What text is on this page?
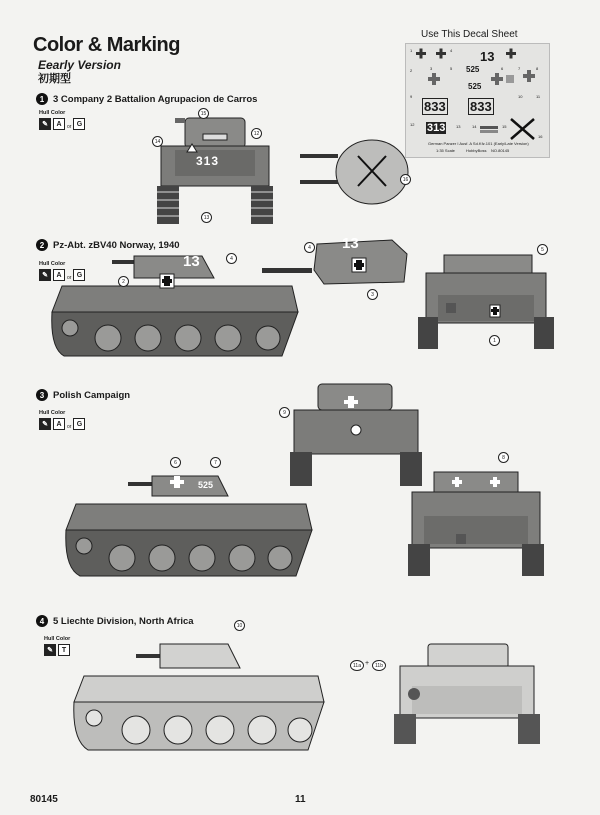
Color & Marking
Eearly Version
初期型
Use This Decal Sheet
13
525
525
833 833
313
German Panzer I Ausf. A Sd.Kfz.101 (Early/Late Version)
1:35 Scale	HobbyBoss NO.80145
1
2	3
4
5	6	7	8
9	10	11
12	13	14	15
16
1 3 Company 2 Battalion Agrupacion de Carros
Hull Color
✎	A	or G
313
15
14
12
13
16
2 Pz-Abt. zBV40 Norway, 1940
Hull Color
✎	A	or G
13	4
2
13
4
3
5
1
3 Polish Campaign
Hull Color
✎	A	or G
9
525
6	7
8
4 5 Liechte Division, North Africa
Hull Color
✎	T
10
11a +	11b
80145	11
